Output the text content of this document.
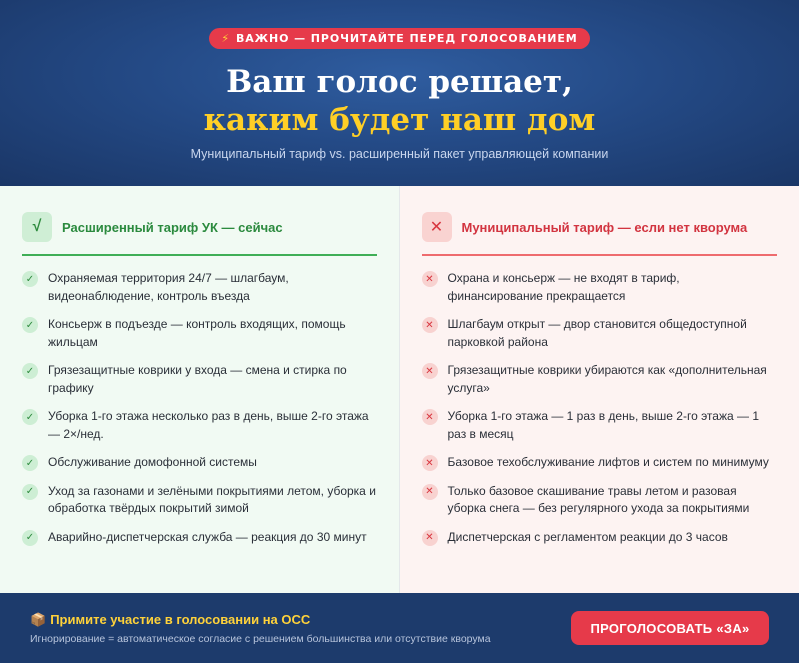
⚡ ВАЖНО — ПРОЧИТАЙТЕ ПЕРЕД ГОЛОСОВАНИЕМ
Ваш голос решает,
каким будет наш дом
Муниципальный тариф vs. расширенный пакет управляющей компании
√	Расширенный тариф УК — сейчас
✓	Охраняемая территория 24/7 — шлагбаум, видеонаблюдение, контроль въезда
✓	Консьерж в подъезде — контроль входящих, помощь жильцам
✓	Грязезащитные коврики у входа — смена и стирка по графику
✓	Уборка 1-го этажа несколько раз в день, выше 2-го этажа — 2×/нед.
✓	Обслуживание домофонной системы
✓	Уход за газонами и зелёными покрытиями летом, уборка и обработка твёрдых покрытий зимой
✓	Аварийно-диспетчерская служба — реакция до 30 минут
✕	Муниципальный тариф — если нет кворума
✕	Охрана и консьерж — не входят в тариф, финансирование прекращается
✕	Шлагбаум открыт — двор становится общедоступной парковкой района
✕	Грязезащитные коврики убираются как «дополнительная услуга»
✕	Уборка 1-го этажа — 1 раз в день, выше 2-го этажа — 1 раз в месяц
✕	Базовое техобслуживание лифтов и систем по минимуму
✕	Только базовое скашивание травы летом и разовая уборка снега — без регулярного ухода за покрытиями
✕	Диспетчерская с регламентом реакции до 3 часов
📦 Примите участие в голосовании на ОСС
Игнорирование = автоматическое согласие с решением большинства или отсутствие кворума
ПРОГОЛОСОВАТЬ «ЗА»
